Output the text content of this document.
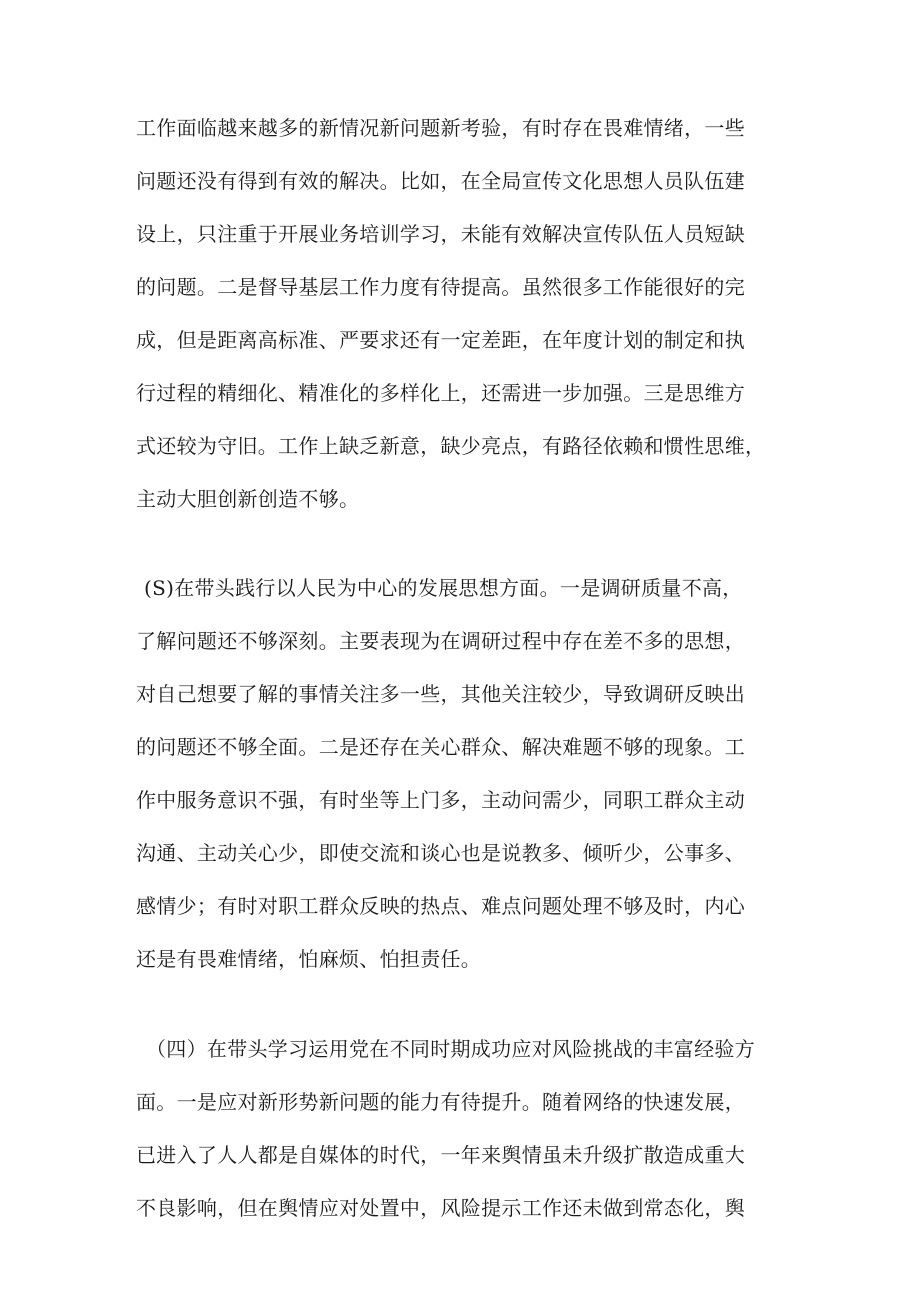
工作面临越来越多的新情况新问题新考验，有时存在畏难情绪，一些

问题还没有得到有效的解决。比如，在全局宣传文化思想人员队伍建

设上，只注重于开展业务培训学习，未能有效解决宣传队伍人员短缺

的问题。二是督导基层工作力度有待提高。虽然很多工作能很好的完

成，但是距离高标准、严要求还有一定差距，在年度计划的制定和执

行过程的精细化、精准化的多样化上，还需进一步加强。三是思维方

式还较为守旧。工作上缺乏新意，缺少亮点，有路径依赖和惯性思维，

主动大胆创新创造不够。

(S)在带头践行以人民为中心的发展思想方面。一是调研质量不高，

了解问题还不够深刻。主要表现为在调研过程中存在差不多的思想，

对自己想要了解的事情关注多一些，其他关注较少，导致调研反映出

的问题还不够全面。二是还存在关心群众、解决难题不够的现象。工

作中服务意识不强，有时坐等上门多，主动问需少，同职工群众主动

沟通、主动关心少，即使交流和谈心也是说教多、倾听少，公事多、

感情少；有时对职工群众反映的热点、难点问题处理不够及时，内心

还是有畏难情绪，怕麻烦、怕担责任。

（四）在带头学习运用党在不同时期成功应对风险挑战的丰富经验方

面。一是应对新形势新问题的能力有待提升。随着网络的快速发展，

已进入了人人都是自媒体的时代，一年来舆情虽未升级扩散造成重大

不良影响，但在舆情应对处置中，风险提示工作还未做到常态化，舆
